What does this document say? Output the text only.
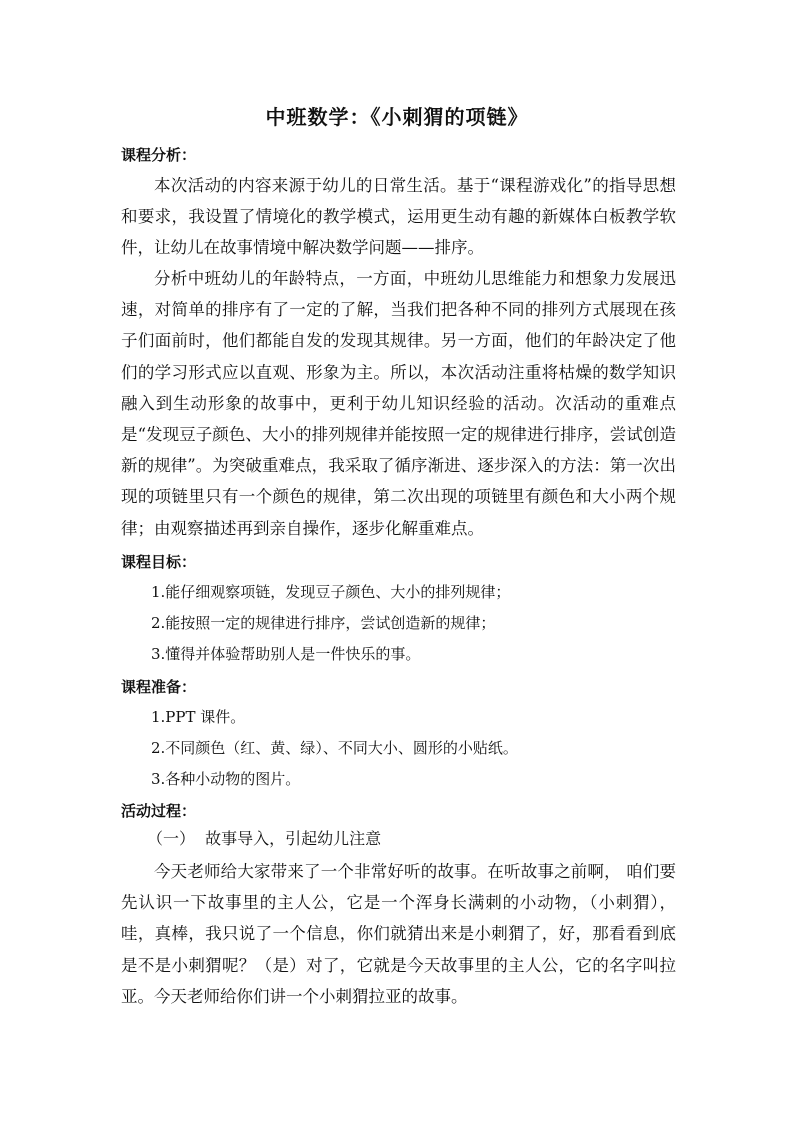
中班数学：《小刺猬的项链》
课程分析：
本次活动的内容来源于幼儿的日常生活。基于“课程游戏化”的指导思想和要求，我设置了情境化的教学模式，运用更生动有趣的新媒体白板教学软件，让幼儿在故事情境中解决数学问题——排序。
分析中班幼儿的年龄特点，一方面，中班幼儿思维能力和想象力发展迅速，对简单的排序有了一定的了解，当我们把各种不同的排列方式展现在孩子们面前时，他们都能自发的发现其规律。另一方面，他们的年龄决定了他们的学习形式应以直观、形象为主。所以，本次活动注重将枯燥的数学知识融入到生动形象的故事中，更利于幼儿知识经验的活动。次活动的重难点是“发现豆子颜色、大小的排列规律并能按照一定的规律进行排序，尝试创造新的规律”。为突破重难点，我采取了循序渐进、逐步深入的方法：第一次出现的项链里只有一个颜色的规律，第二次出现的项链里有颜色和大小两个规律；由观察描述再到亲自操作，逐步化解重难点。
课程目标：
1.能仔细观察项链，发现豆子颜色、大小的排列规律；
2.能按照一定的规律进行排序，尝试创造新的规律；
3.懂得并体验帮助别人是一件快乐的事。
课程准备：
1.PPT 课件。
2.不同颜色（红、黄、绿）、不同大小、圆形的小贴纸。
3.各种小动物的图片。
活动过程：
（一）  故事导入，引起幼儿注意
今天老师给大家带来了一个非常好听的故事。在听故事之前啊， 咱们要先认识一下故事里的主人公，它是一个浑身长满刺的小动物，（小刺猬），哇，真棒，我只说了一个信息，你们就猜出来是小刺猬了，好，那看看到底是不是小刺猬呢？（是）对了，它就是今天故事里的主人公，它的名字叫拉亚。今天老师给你们讲一个小刺猬拉亚的故事。
